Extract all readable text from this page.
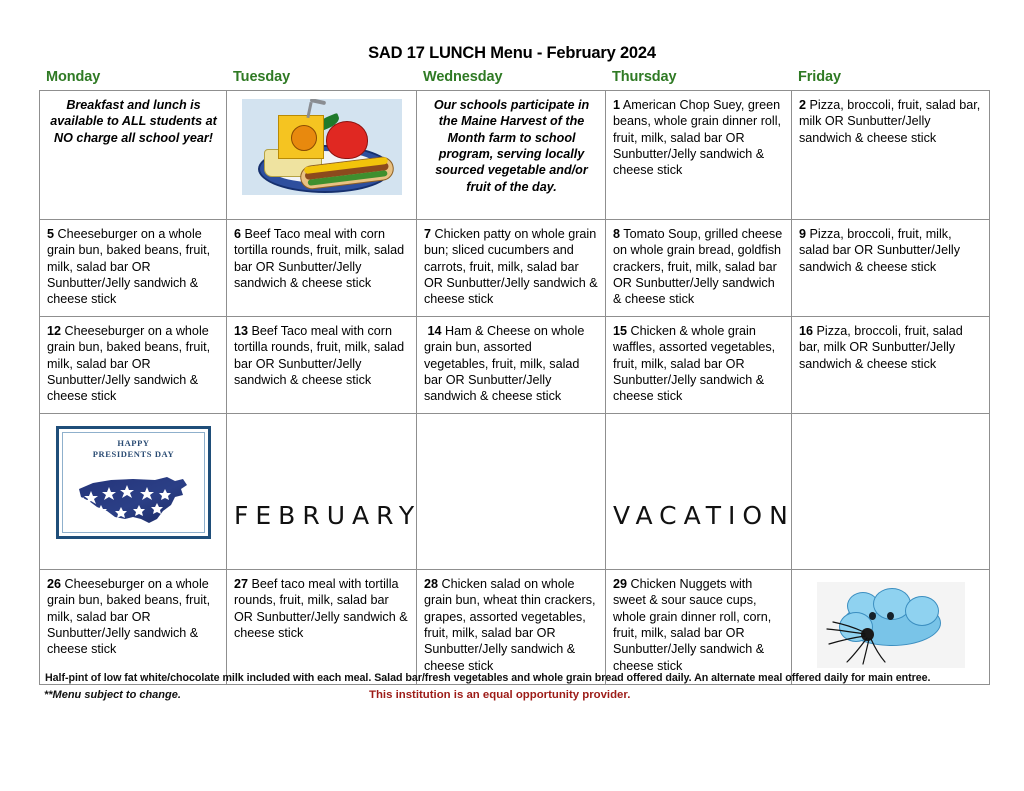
SAD 17 LUNCH Menu - February 2024
Monday	Tuesday	Wednesday	Thursday	Friday
Breakfast and lunch is available to ALL students at NO charge all school year!		Our schools participate in the Maine Harvest of the Month farm to school program, serving locally sourced vegetable and/or fruit of the day.	1 American Chop Suey, green beans, whole grain dinner roll, fruit, milk, salad bar OR Sunbutter/Jelly sandwich & cheese stick	2 Pizza, broccoli, fruit, salad bar, milk OR Sunbutter/Jelly sandwich & cheese stick
5 Cheeseburger on a whole grain bun, baked beans, fruit, milk, salad bar OR Sunbutter/Jelly sandwich & cheese stick	6 Beef Taco meal with corn tortilla rounds, fruit, milk, salad bar OR Sunbutter/Jelly sandwich & cheese stick	7 Chicken patty on whole grain bun; sliced cucumbers and carrots, fruit, milk, salad bar OR Sunbutter/Jelly sandwich & cheese stick	8 Tomato Soup, grilled cheese on whole grain bread, goldfish crackers, fruit, milk, salad bar OR Sunbutter/Jelly sandwich & cheese stick	9 Pizza, broccoli, fruit, milk, salad bar OR Sunbutter/Jelly sandwich & cheese stick
12 Cheeseburger on a whole grain bun, baked beans, fruit, milk, salad bar OR Sunbutter/Jelly sandwich & cheese stick	13 Beef Taco meal with corn tortilla rounds, fruit, milk, salad bar OR Sunbutter/Jelly sandwich & cheese stick	14 Ham & Cheese on whole grain bun, assorted vegetables, fruit, milk, salad bar OR Sunbutter/Jelly sandwich & cheese stick	15 Chicken & whole grain waffles, assorted vegetables, fruit, milk, salad bar OR Sunbutter/Jelly sandwich & cheese stick	16 Pizza, broccoli, fruit, salad bar, milk OR Sunbutter/Jelly sandwich & cheese stick

HAPPY
PRESIDENTS DAY	FEBRUARY		VACATION	

26 Cheeseburger on a whole grain bun, baked beans, fruit, milk, salad bar OR Sunbutter/Jelly sandwich & cheese stick	27 Beef taco meal with tortilla rounds, fruit, milk, salad bar OR Sunbutter/Jelly sandwich & cheese stick	28 Chicken salad on whole grain bun, wheat thin crackers, grapes, assorted vegetables, fruit, milk, salad bar OR Sunbutter/Jelly sandwich & cheese stick	29 Chicken Nuggets with sweet & sour sauce cups, whole grain dinner roll, corn, fruit, milk, salad bar OR Sunbutter/Jelly sandwich & cheese stick	
Half-pint of low fat white/chocolate milk included with each meal. Salad bar/fresh vegetables and whole grain bread offered daily. An alternate meal offered daily for main entree.
**Menu subject to change.	This institution is an equal opportunity provider.
